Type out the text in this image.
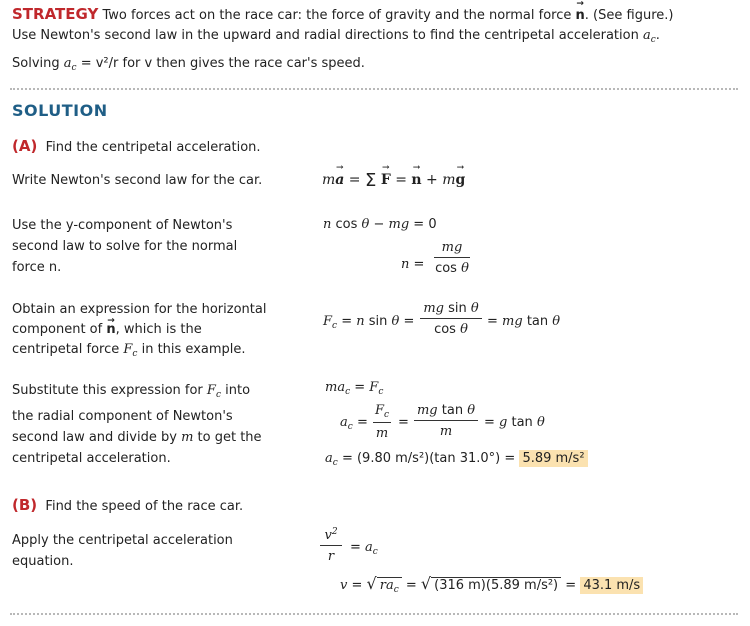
STRATEGY Two forces act on the race car: the force of gravity and the normal force → n. (See figure.)
Use Newton's second law in the upward and radial directions to find the centripetal acceleration $a_c$.
Solving $a_c = v^2/r$ for v then gives the race car's speed.
SOLUTION
(A) Find the centripetal acceleration.
Write Newton's second law for the car.	m→ a = Σ → F = → n + m→ g
Use the y-component of Newton's
second law to solve for the normal
force n.
n cos θ − mg = 0
$n = \frac{mg}{\text{cos θ}}$
Obtain an expression for the horizontal
component of → n, which is the
centripetal force $F_c$ in this example.
$F_c = n$ $\sin \theta = \frac{\text{mg sin θ}}{\text{cos θ}}$ = mg tan θ
Substitute this expression for $F_c$ into
the radial component of Newton's
second law and divide by m to get the
centripetal acceleration.
$ma_c = F_c$
$a_c = \frac{F_c}{m} = \frac{\text{mg tan θ}}{m} = g$ tan θ
$a_c = (9.80$ m/s²)(tan 31.0°) = 5.89 m/s²
(B) Find the speed of the race car.
Apply the centripetal acceleration
equation.	$\frac{v^2}{r} = a_c$
v = √ $ra_c$ = √ (316 m)(5.89 m/s²) = 43.1 m/s
